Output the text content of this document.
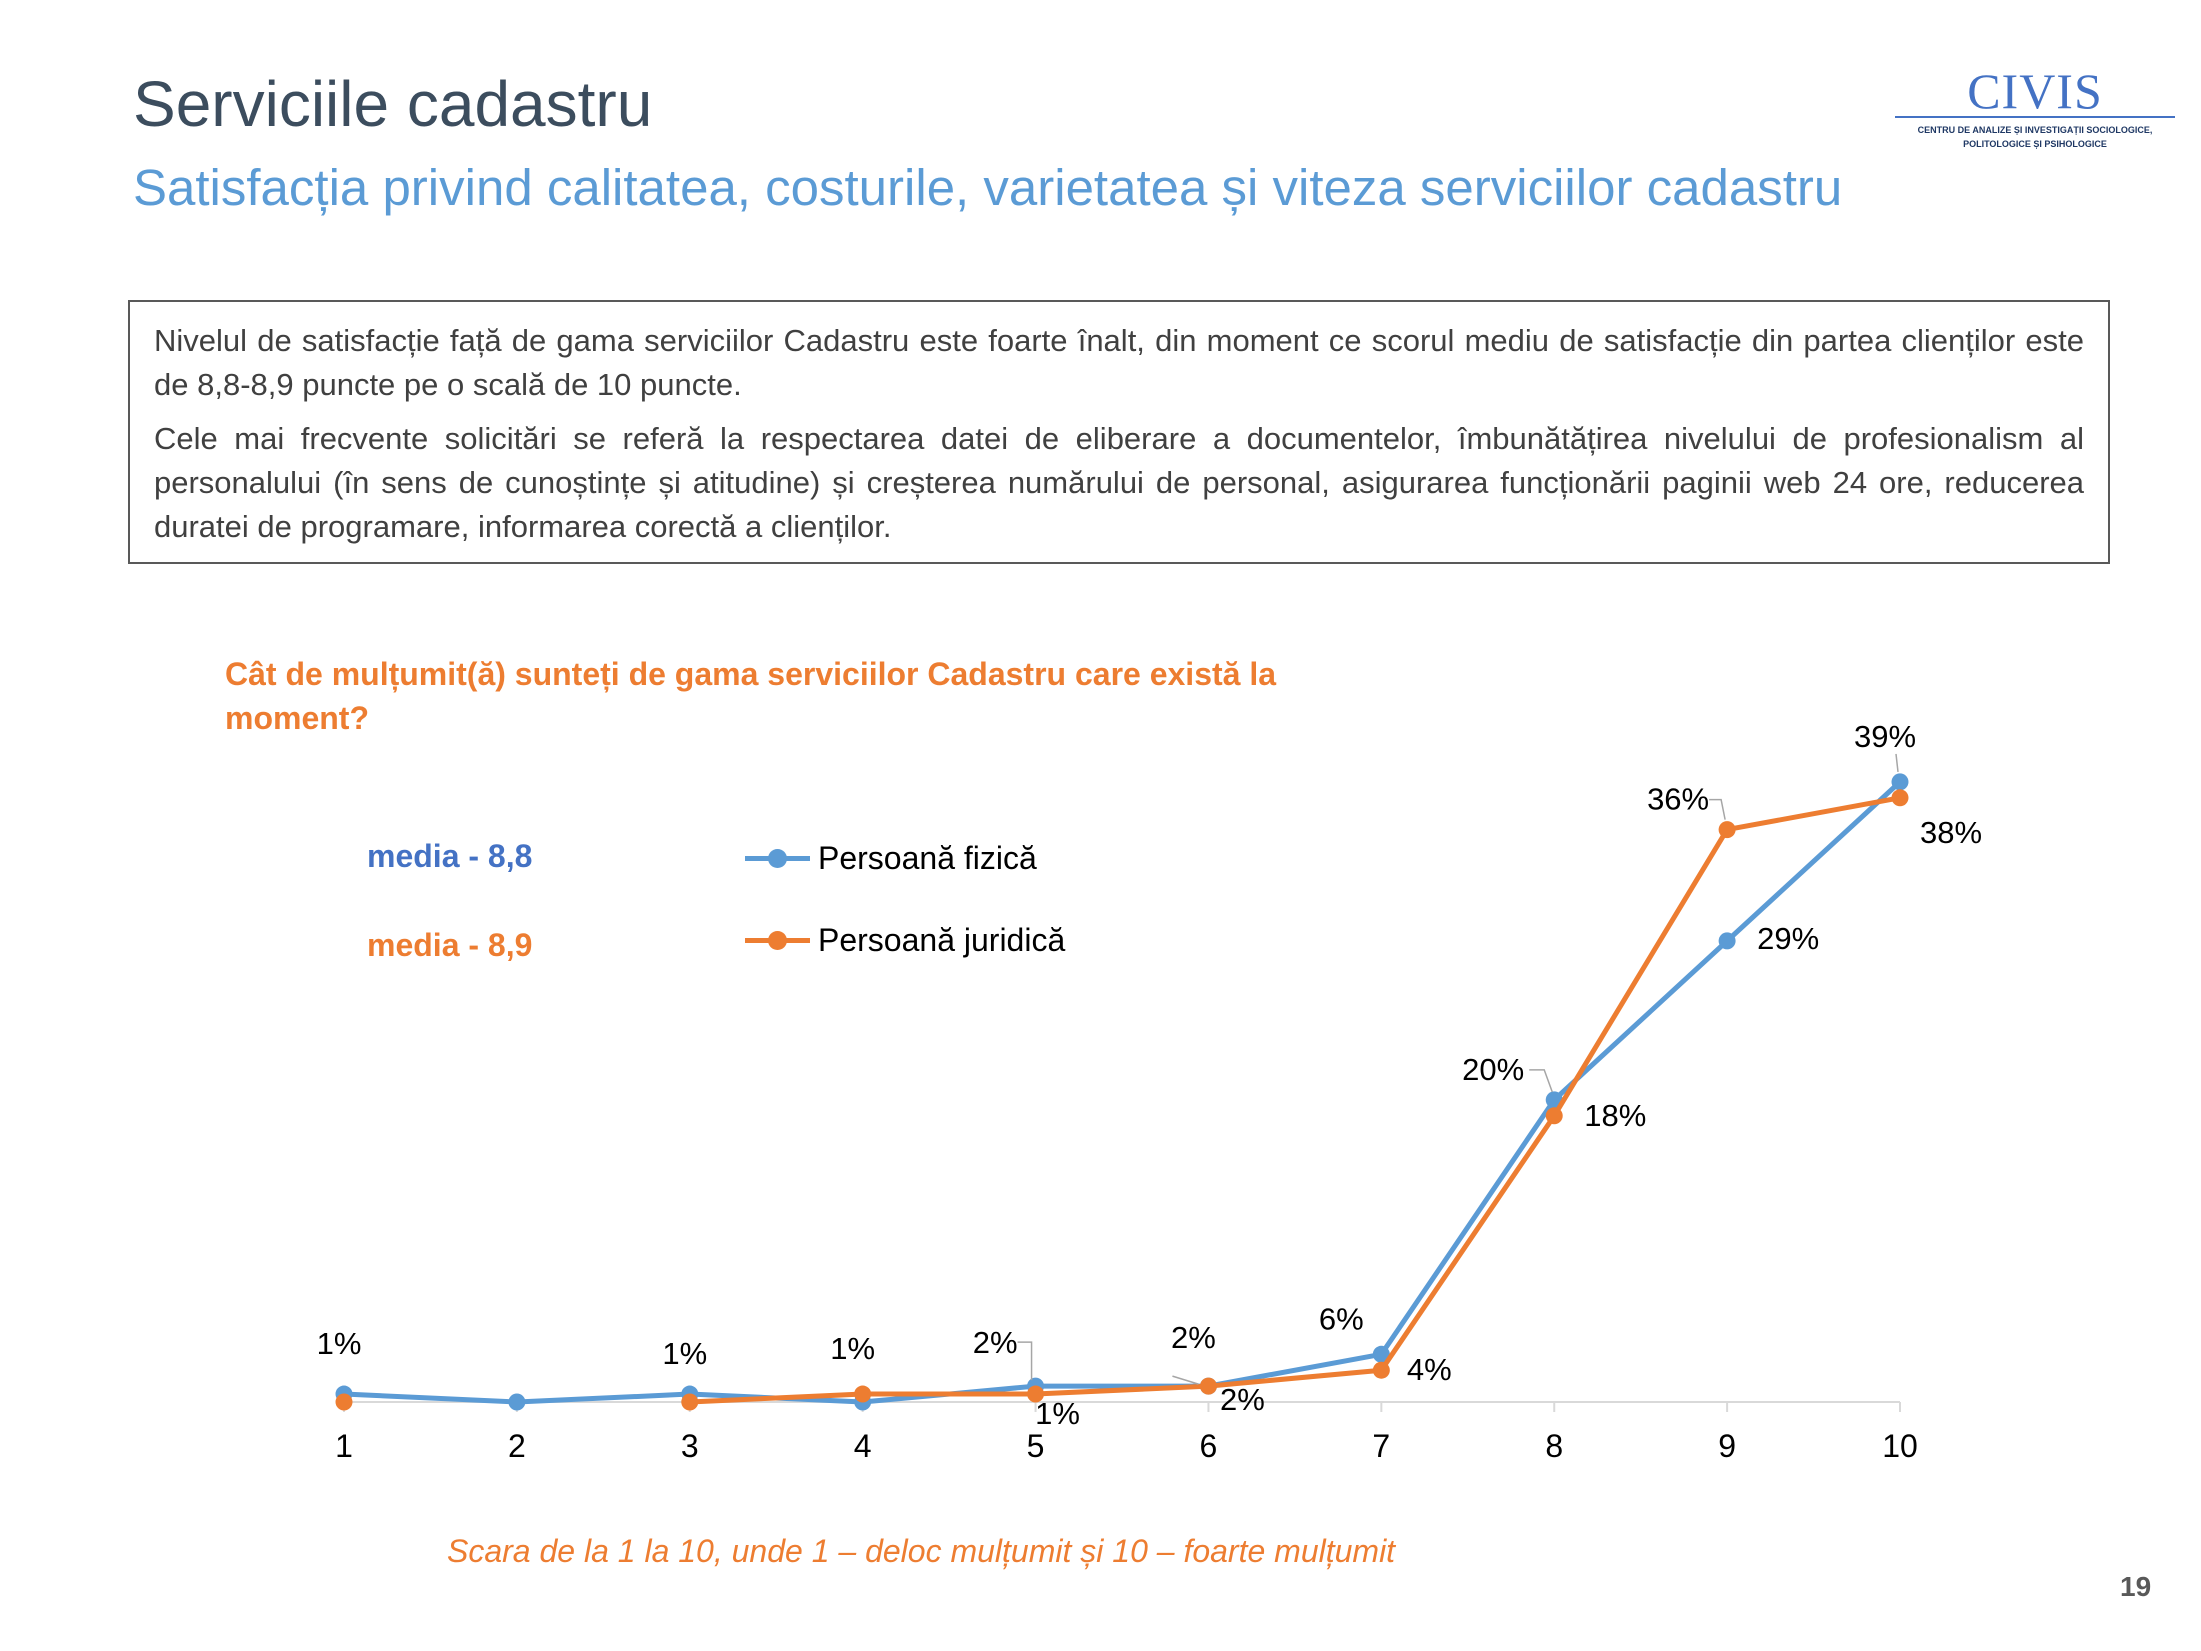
Serviciile cadastru
Satisfacția privind calitatea, costurile, varietatea și viteza serviciilor cadastru
CIVIS
CENTRU DE ANALIZE ȘI INVESTIGAȚII SOCIOLOGICE,
POLITOLOGICE ȘI PSIHOLOGICE

Nivelul de satisfacție față de gama serviciilor Cadastru este foarte înalt, din moment ce scorul mediu de satisfacție din partea clienților este de 8,8-8,9 puncte pe o scală de 10 puncte.

Cele mai frecvente solicitări se referă la respectarea datei de eliberare a documentelor, îmbunătățirea nivelului de profesionalism al personalului (în sens de cunoștințe și atitudine) și creșterea numărului de personal, asigurarea funcționării paginii web 24 ore, reducerea duratei de programare, informarea corectă a clienților.

Cât de mulțumit(ă) sunteți de gama serviciilor Cadastru care există la moment?
media - 8,8
media - 8,9
Persoană fizică
Persoană juridică
1	2	3	4	5	6	7	8	9	10
1%	1%	2%	2%
6%
20%
29%
39%
1%
1%	2%
4%
18%
36%
38%
Scara de la 1 la 10, unde 1 – deloc mulțumit și 10 – foarte mulțumit
19
